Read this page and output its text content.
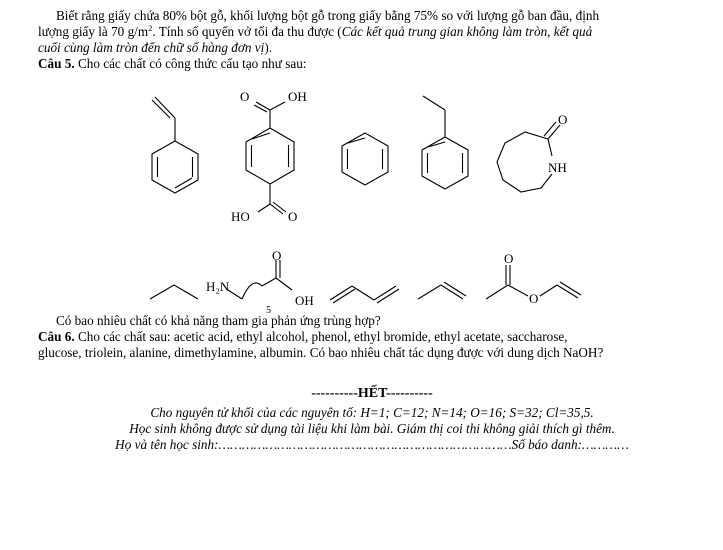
Biết rằng giấy chứa 80% bột gỗ, khối lượng bột gỗ trong giấy bằng 75% so với lượng gỗ ban đầu, định
lượng giấy là 70 $g/m^2$. Tính số quyển vở tối đa thu được (Các kết quả trung gian không làm tròn, kết quả
cuối cùng làm tròn đến chữ số hàng đơn vị).
Câu 5. Cho các chất có công thức cấu tạo như sau:
O	OH
HO	O
O
NH
H₂N
5
O
OH
O
O
Có bao nhiêu chất có khả năng tham gia phản ứng trùng hợp?
Câu 6. Cho các chất sau: acetic acid, ethyl alcohol, phenol, ethyl bromide, ethyl acetate, saccharose,
glucose, triolein, alanine, dimethylamine, albumin. Có bao nhiêu chất tác dụng được với dung dịch NaOH?
----------HẾT----------
Cho nguyên tử khối của các nguyên tố: H=1; C=12; N=14; O=16; S=32; Cl=35,5.
Học sinh không được sử dụng tài liệu khi làm bài. Giám thị coi thi không giải thích gì thêm.
Họ và tên học sinh:…………………………………………………………………Số báo danh:…………
